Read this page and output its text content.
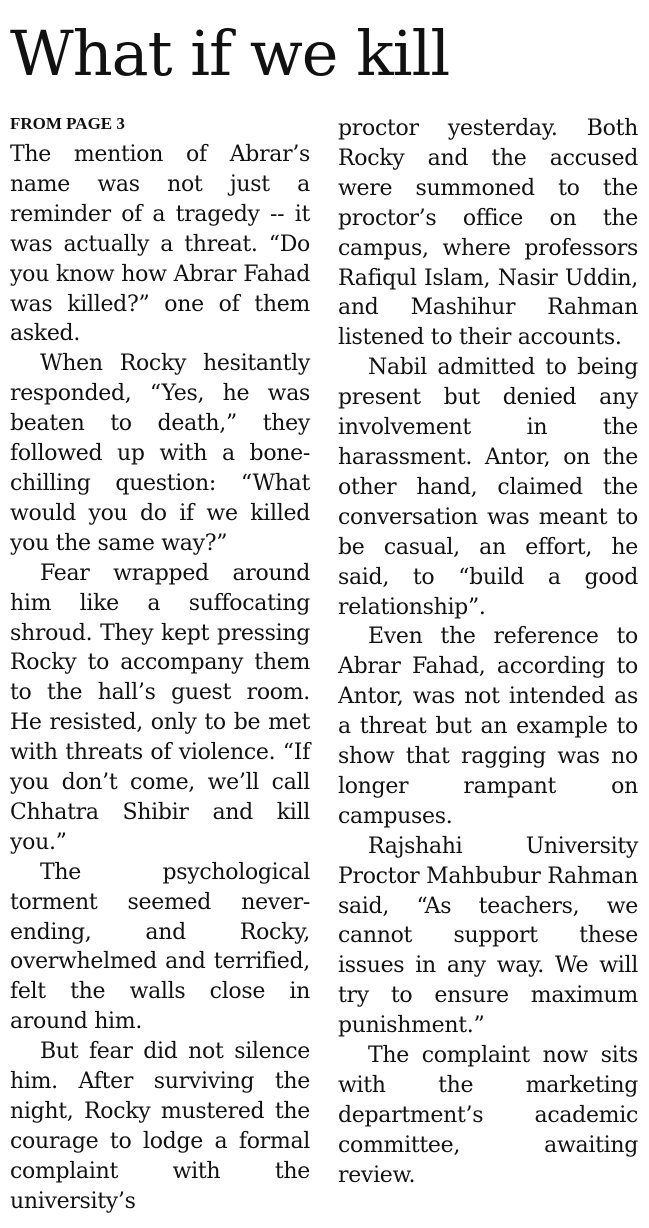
What if we kill
FROM PAGE 3

The mention of Abrar’s name was not just a reminder of a tragedy -- it was actually a threat. “Do you know how Abrar Fahad was killed?” one of them asked.

When Rocky hesitantly responded, “Yes, he was beaten to death,” they followed up with a bone-chilling question: “What would you do if we killed you the same way?”

Fear wrapped around him like a suffocating shroud. They kept pressing Rocky to accompany them to the hall’s guest room. He resisted, only to be met with threats of violence. “If you don’t come, we’ll call Chhatra Shibir and kill you.”

The psychological torment seemed never-ending, and Rocky, overwhelmed and terrified, felt the walls close in around him.

But fear did not silence him. After surviving the night, Rocky mustered the courage to lodge a formal complaint with the university’s

proctor yesterday. Both Rocky and the accused were summoned to the proctor’s office on the campus, where professors Rafiqul Islam, Nasir Uddin, and Mashihur Rahman listened to their accounts.

Nabil admitted to being present but denied any involvement in the harassment. Antor, on the other hand, claimed the conversation was meant to be casual, an effort, he said, to “build a good relationship”.

Even the reference to Abrar Fahad, according to Antor, was not intended as a threat but an example to show that ragging was no longer rampant on campuses.

Rajshahi University Proctor Mahbubur Rahman said, “As teachers, we cannot support these issues in any way. We will try to ensure maximum punishment.”

The complaint now sits with the marketing department’s academic committee, awaiting review.
